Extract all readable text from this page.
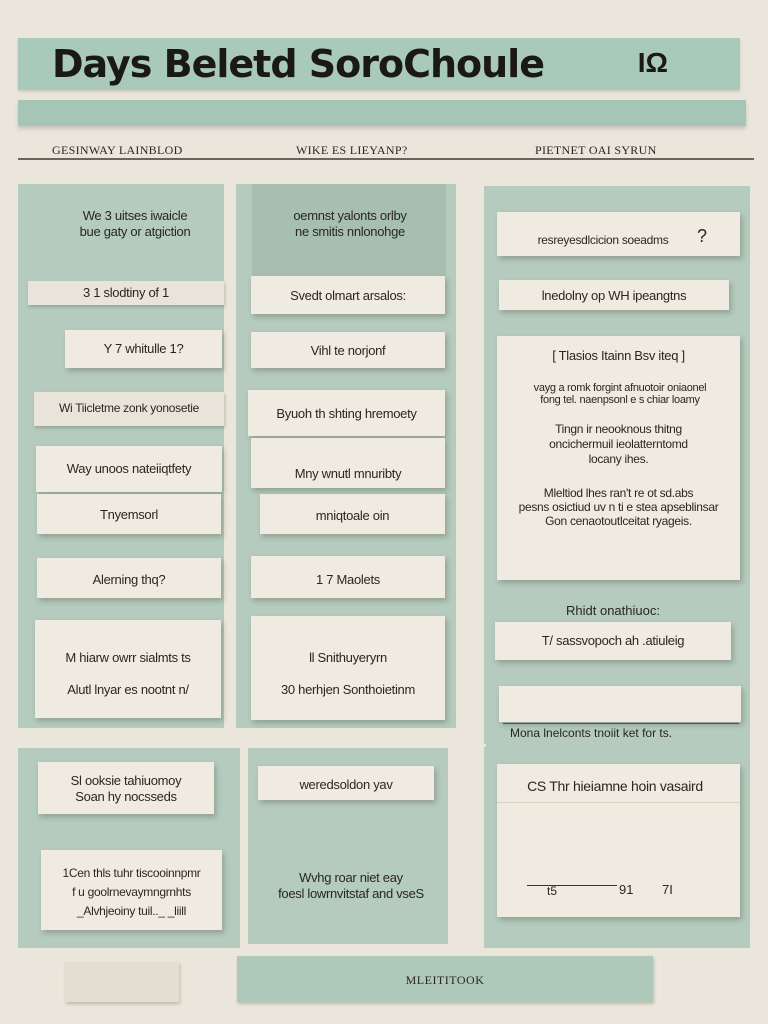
Days Beletd SoroChoule	IΩ
GESINWAY LAINBLOD	WIKE ES LIEYANP?	PIETNET OAI SYRUN
We 3 uitses iwaicle
bue gaty or atgiction
3 1 slodtiny of 1
Y 7 whitulle 1?
Wi Tiicletme zonk yonosetie
Way unoos nateiiqtfety
Tnyemsorl
Alerning thq?
M hiarw owrr sialmts ts
Alutl lnyar es nootnt n/
oemnst yalonts orlby
ne smitis nnlonohge
Svedt olmart arsalos:
Vihl te norjonf
Byuoh th shting hremoety
Mny wnutl mnuribty
mniqtoale oin
1 7 Maolets
ll Snithuyeryrn
30 herhjen Sonthoietinm
resreyesdlcicion soeadms	?
lnedolny op WH ipeangtns
[ Tlasios Itainn Bsv iteq ]
vayg a romk forgint afnuotoir oniaonel
fong tel. naenpsonl e s chiar loamy
Tingn ir neooknous thitng
oncichermuil ieolatterntomd
locany ihes.
Mleltiod lhes ran't re ot sd.abs
pesns osictiud uv n ti e stea apseblinsar
Gon cenaotoutlceitat ryageis.
Rhidt onathiuoc:
T/ sassvopoch ah .atiuleig
Mona lnelconts tnoiit ket for ts.
Sl ooksie tahiuomoy
Soan hy nocsseds
1Cen thls tuhr tiscooinnpmr
f u goolrnevaymngrnhts
_Alvhjeoiny tuil.._ _liill
weredsoldon yav
Wvhg roar niet eay
foesl lowrnvitstaf and vseS
CS Thr hieiamne hoin vasaird
t5	91 7I
MLEITITOOK
